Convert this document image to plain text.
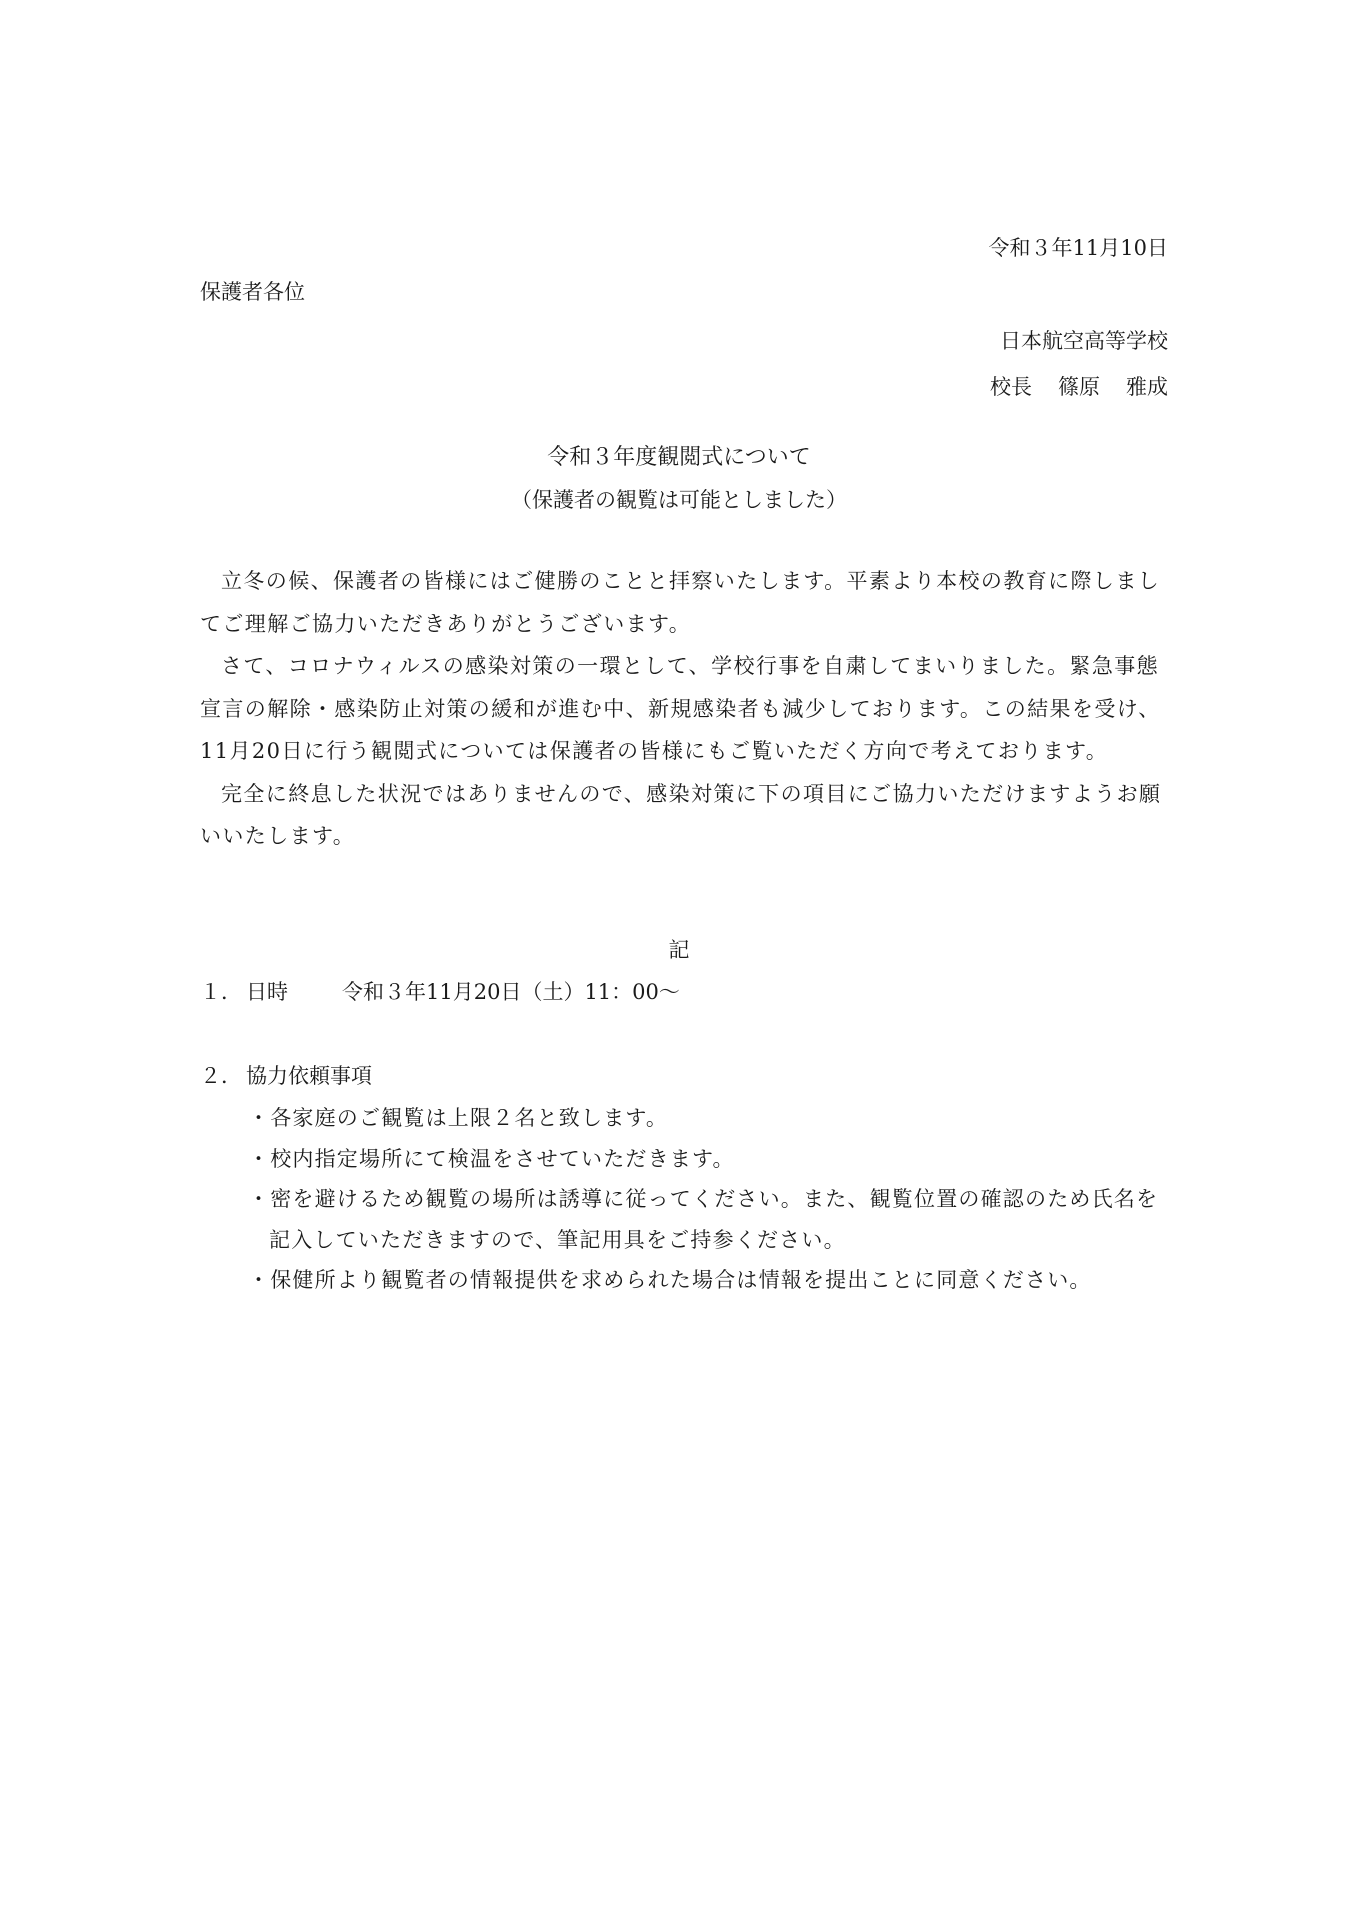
令和３年11月10日
保護者各位
日本航空高等学校
校長 篠原 雅成
令和３年度観閲式について
（保護者の観覧は可能としました）

立冬の候、保護者の皆様にはご健勝のことと拝察いたします。平素より本校の教育に際しましてご理解ご協力いただきありがとうございます。

さて、コロナウィルスの感染対策の一環として、学校行事を自粛してまいりました。緊急事態宣言の解除・感染防止対策の緩和が進む中、新規感染者も減少しております。この結果を受け、11月20日に行う観閲式については保護者の皆様にもご覧いただく方向で考えております。

完全に終息した状況ではありませんので、感染対策に下の項目にご協力いただけますようお願いいたします。

記
１． 日時	令和３年11月20日（土）11：00～
２． 協力依頼事項
・各家庭のご観覧は上限２名と致します。
・校内指定場所にて検温をさせていただきます。
・密を避けるため観覧の場所は誘導に従ってください。また、観覧位置の確認のため氏名を記入していただきますので、筆記用具をご持参ください。
・保健所より観覧者の情報提供を求められた場合は情報を提出ことに同意ください。
